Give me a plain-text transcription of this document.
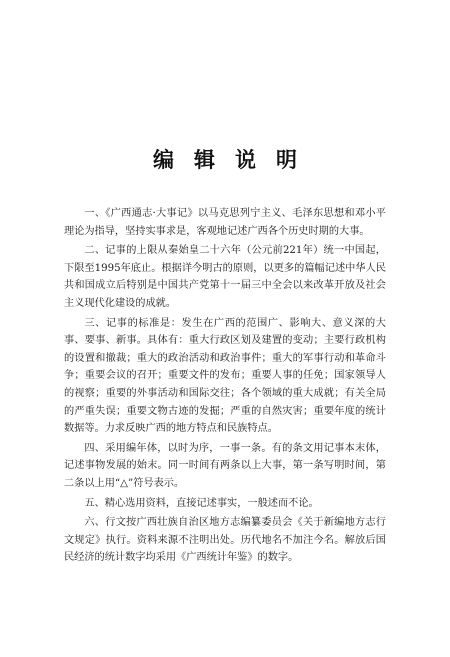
编辑说明

一、《广西通志·大事记》以马克思列宁主义、毛泽东思想和邓小平理论为指导，坚持实事求是，客观地记述广西各个历史时期的大事。

二、记事的上限从秦始皇二十六年（公元前221年）统一中国起，下限至1995年底止。根据详今明古的原则，以更多的篇幅记述中华人民共和国成立后特别是中国共产党第十一届三中全会以来改革开放及社会主义现代化建设的成就。

三、记事的标准是：发生在广西的范围广、影响大、意义深的大事、要事、新事。具体有：重大行政区划及建置的变动；主要行政机构的设置和撤裁；重大的政治活动和政治事件；重大的军事行动和革命斗争；重要会议的召开；重要文件的发布；重要人事的任免；国家领导人的视察；重要的外事活动和国际交往；各个领域的重大成就；有关全局的严重失误；重要文物古迹的发掘；严重的自然灾害；重要年度的统计数据等。力求反映广西的地方特点和民族特点。

四、采用编年体，以时为序，一事一条。有的条文用记事本末体，记述事物发展的始末。同一时间有两条以上大事，第一条写明时间，第二条以上用“△”符号表示。

五、精心选用资料，直接记述事实，一般述而不论。

六、行文按广西壮族自治区地方志编纂委员会《关于新编地方志行文规定》执行。资料来源不注明出处。历代地名不加注今名。解放后国民经济的统计数字均采用《广西统计年鉴》的数字。
